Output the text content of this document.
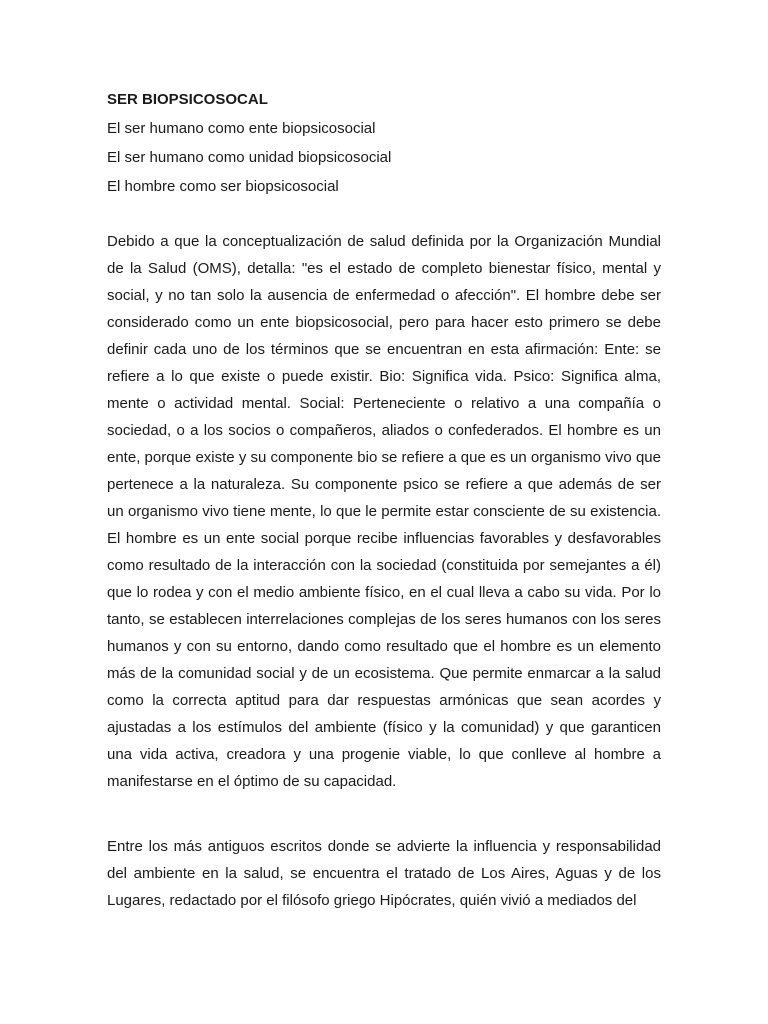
SER BIOPSICOSOCAL
El ser humano como ente biopsicosocial
El ser humano como unidad biopsicosocial
El hombre como ser biopsicosocial

Debido a que la conceptualización de salud definida por la Organización Mundial de la Salud (OMS), detalla: "es el estado de completo bienestar físico, mental y social, y no tan solo la ausencia de enfermedad o afección". El hombre debe ser considerado como un ente biopsicosocial, pero para hacer esto primero se debe definir cada uno de los términos que se encuentran en esta afirmación: Ente: se refiere a lo que existe o puede existir. Bio: Significa vida. Psico: Significa alma, mente o actividad mental. Social: Perteneciente o relativo a una compañía o sociedad, o a los socios o compañeros, aliados o confederados. El hombre es un ente, porque existe y su componente bio se refiere a que es un organismo vivo que pertenece a la naturaleza. Su componente psico se refiere a que además de ser un organismo vivo tiene mente, lo que le permite estar consciente de su existencia. El hombre es un ente social porque recibe influencias favorables y desfavorables como resultado de la interacción con la sociedad (constituida por semejantes a él) que lo rodea y con el medio ambiente físico, en el cual lleva a cabo su vida. Por lo tanto, se establecen interrelaciones complejas de los seres humanos con los seres humanos y con su entorno, dando como resultado que el hombre es un elemento más de la comunidad social y de un ecosistema. Que permite enmarcar a la salud como la correcta aptitud para dar respuestas armónicas que sean acordes y ajustadas a los estímulos del ambiente (físico y la comunidad) y que garanticen una vida activa, creadora y una progenie viable, lo que conlleve al hombre a manifestarse en el óptimo de su capacidad.

Entre los más antiguos escritos donde se advierte la influencia y responsabilidad del ambiente en la salud, se encuentra el tratado de Los Aires, Aguas y de los Lugares, redactado por el filósofo griego Hipócrates, quién vivió a mediados del
